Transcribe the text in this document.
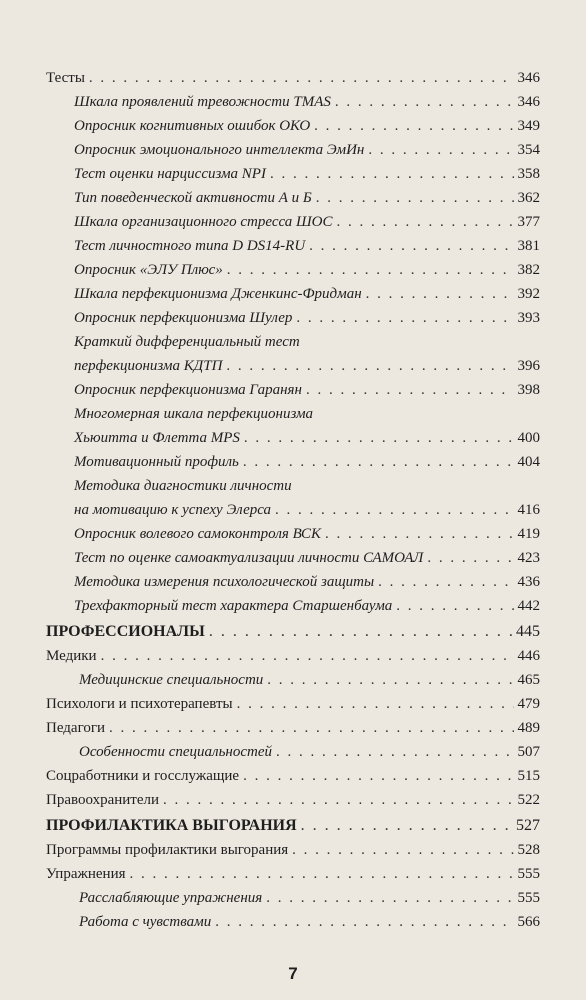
Тесты . . .	346
Шкала проявлений тревожности TMAS . . .	346
Опросник когнитивных ошибок ОКО . . .	349
Опросник эмоционального интеллекта ЭмИн . . .	354
Тест оценки нарциссизма NPI . . .	358
Тип поведенческой активности А и Б . . .	362
Шкала организационного стресса ШОС . . .	377
Тест личностного типа D DS14-RU . . .	381
Опросник «ЭЛУ Плюс» . . .	382
Шкала перфекционизма Дженкинс-Фридман . . .	392
Опросник перфекционизма Шулер . . .	393
Краткий дифференциальный тест
перфекционизма КДТП . . .	396
Опросник перфекционизма Гаранян . . .	398
Многомерная шкала перфекционизма
Хьюитта и Флетта MPS . . .	400
Мотивационный профиль . . .	404
Методика диагностики личности
на мотивацию к успеху Элерса . . .	416
Опросник волевого самоконтроля ВСК . . .	419
Тест по оценке самоактуализации личности САМОАЛ . . .	423
Методика измерения психологической защиты . . .	436
Трехфакторный тест характера Старшенбаума . . .	442
ПРОФЕССИОНАЛЫ . . .	445
Медики . . .	446
Медицинские специальности . . .	465
Психологи и психотерапевты . . .	479
Педагоги . . .	489
Особенности специальностей . . .	507
Соцработники и госслужащие . . .	515
Правоохранители . . .	522
ПРОФИЛАКТИКА ВЫГОРАНИЯ . . .	527
Программы профилактики выгорания . . .	528
Упражнения . . .	555
Расслабляющие упражнения . . .	555
Работа с чувствами . . .	566
7
